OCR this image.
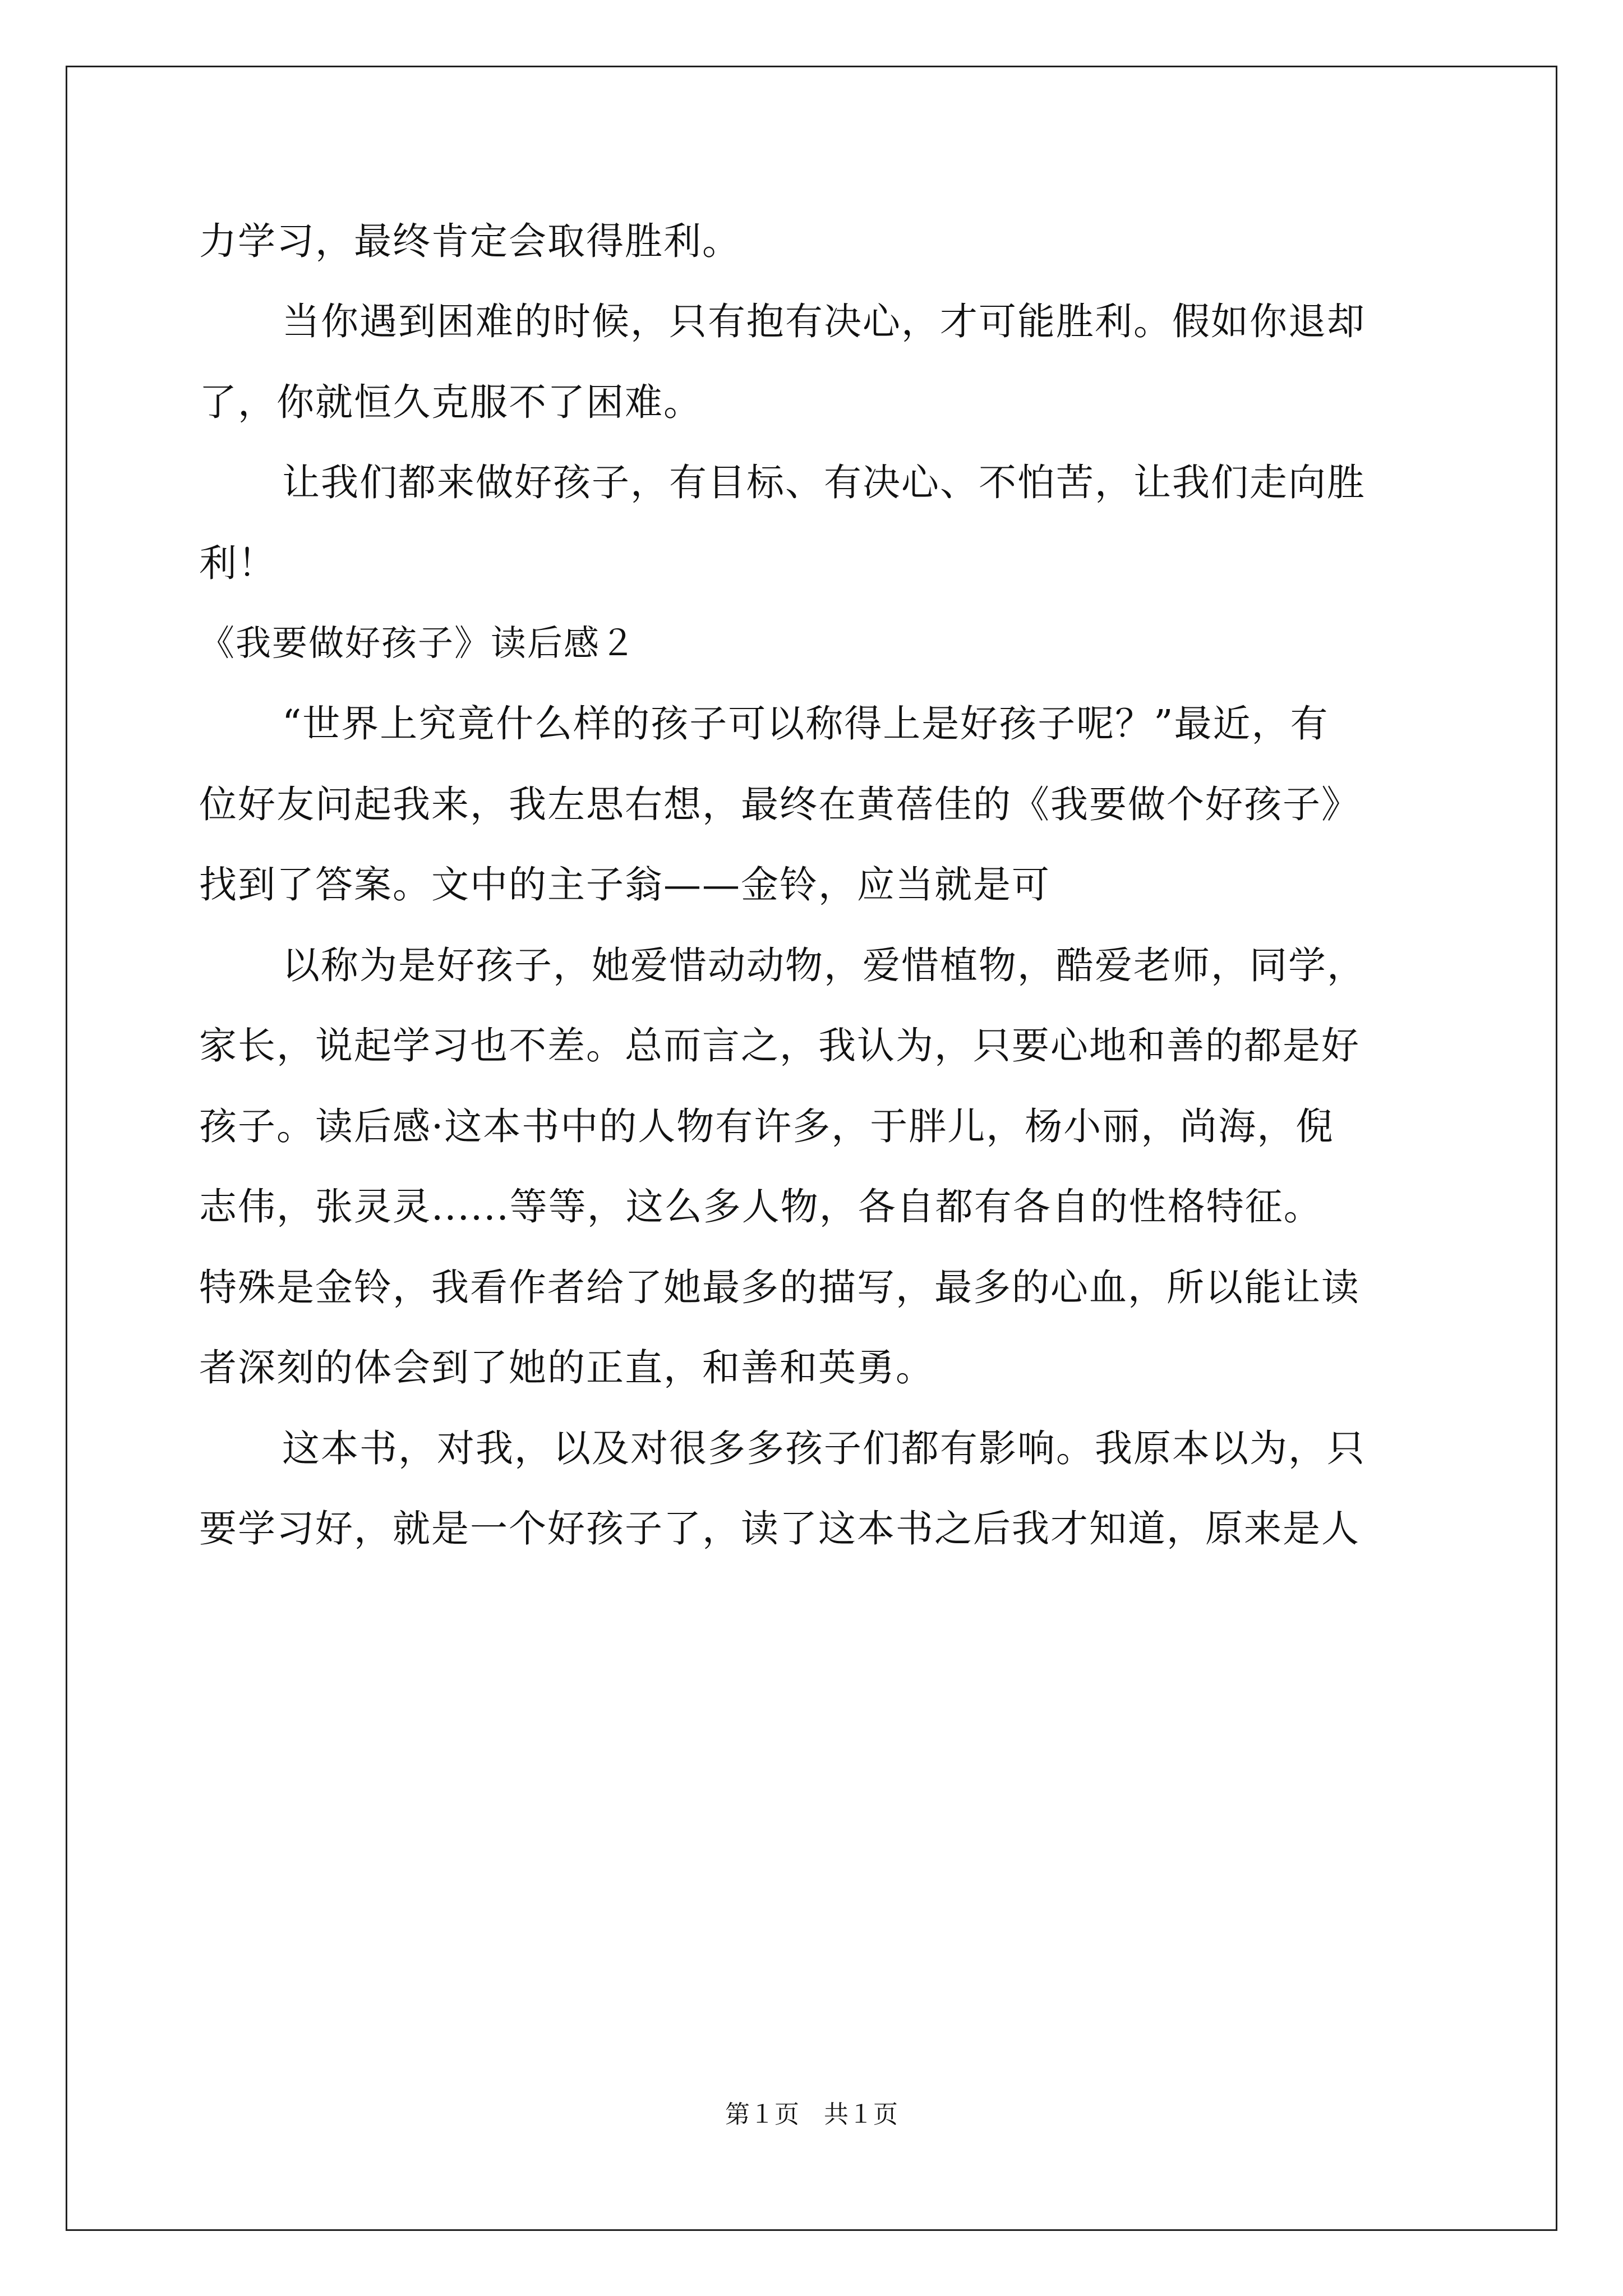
力学习，最终肯定会取得胜利。
当你遇到困难的时候，只有抱有决心，才可能胜利。假如你退却
了，你就恒久克服不了困难。
让我们都来做好孩子，有目标、有决心、不怕苦，让我们走向胜
利！
《我要做好孩子》读后感２
“世界上究竟什么样的孩子可以称得上是好孩子呢？”最近，有
位好友问起我来，我左思右想，最终在黄蓓佳的《我要做个好孩子》
找到了答案。文中的主子翁——金铃，应当就是可
以称为是好孩子，她爱惜动动物，爱惜植物，酷爱老师，同学，
家长，说起学习也不差。总而言之，我认为，只要心地和善的都是好
孩子。读后感·这本书中的人物有许多，于胖儿，杨小丽，尚海，倪
志伟，张灵灵......等等，这么多人物，各自都有各自的性格特征。
特殊是金铃，我看作者给了她最多的描写，最多的心血，所以能让读
者深刻的体会到了她的正直，和善和英勇。
这本书，对我，以及对很多多孩子们都有影响。我原本以为，只
要学习好，就是一个好孩子了，读了这本书之后我才知道，原来是人
第１页　共１页
